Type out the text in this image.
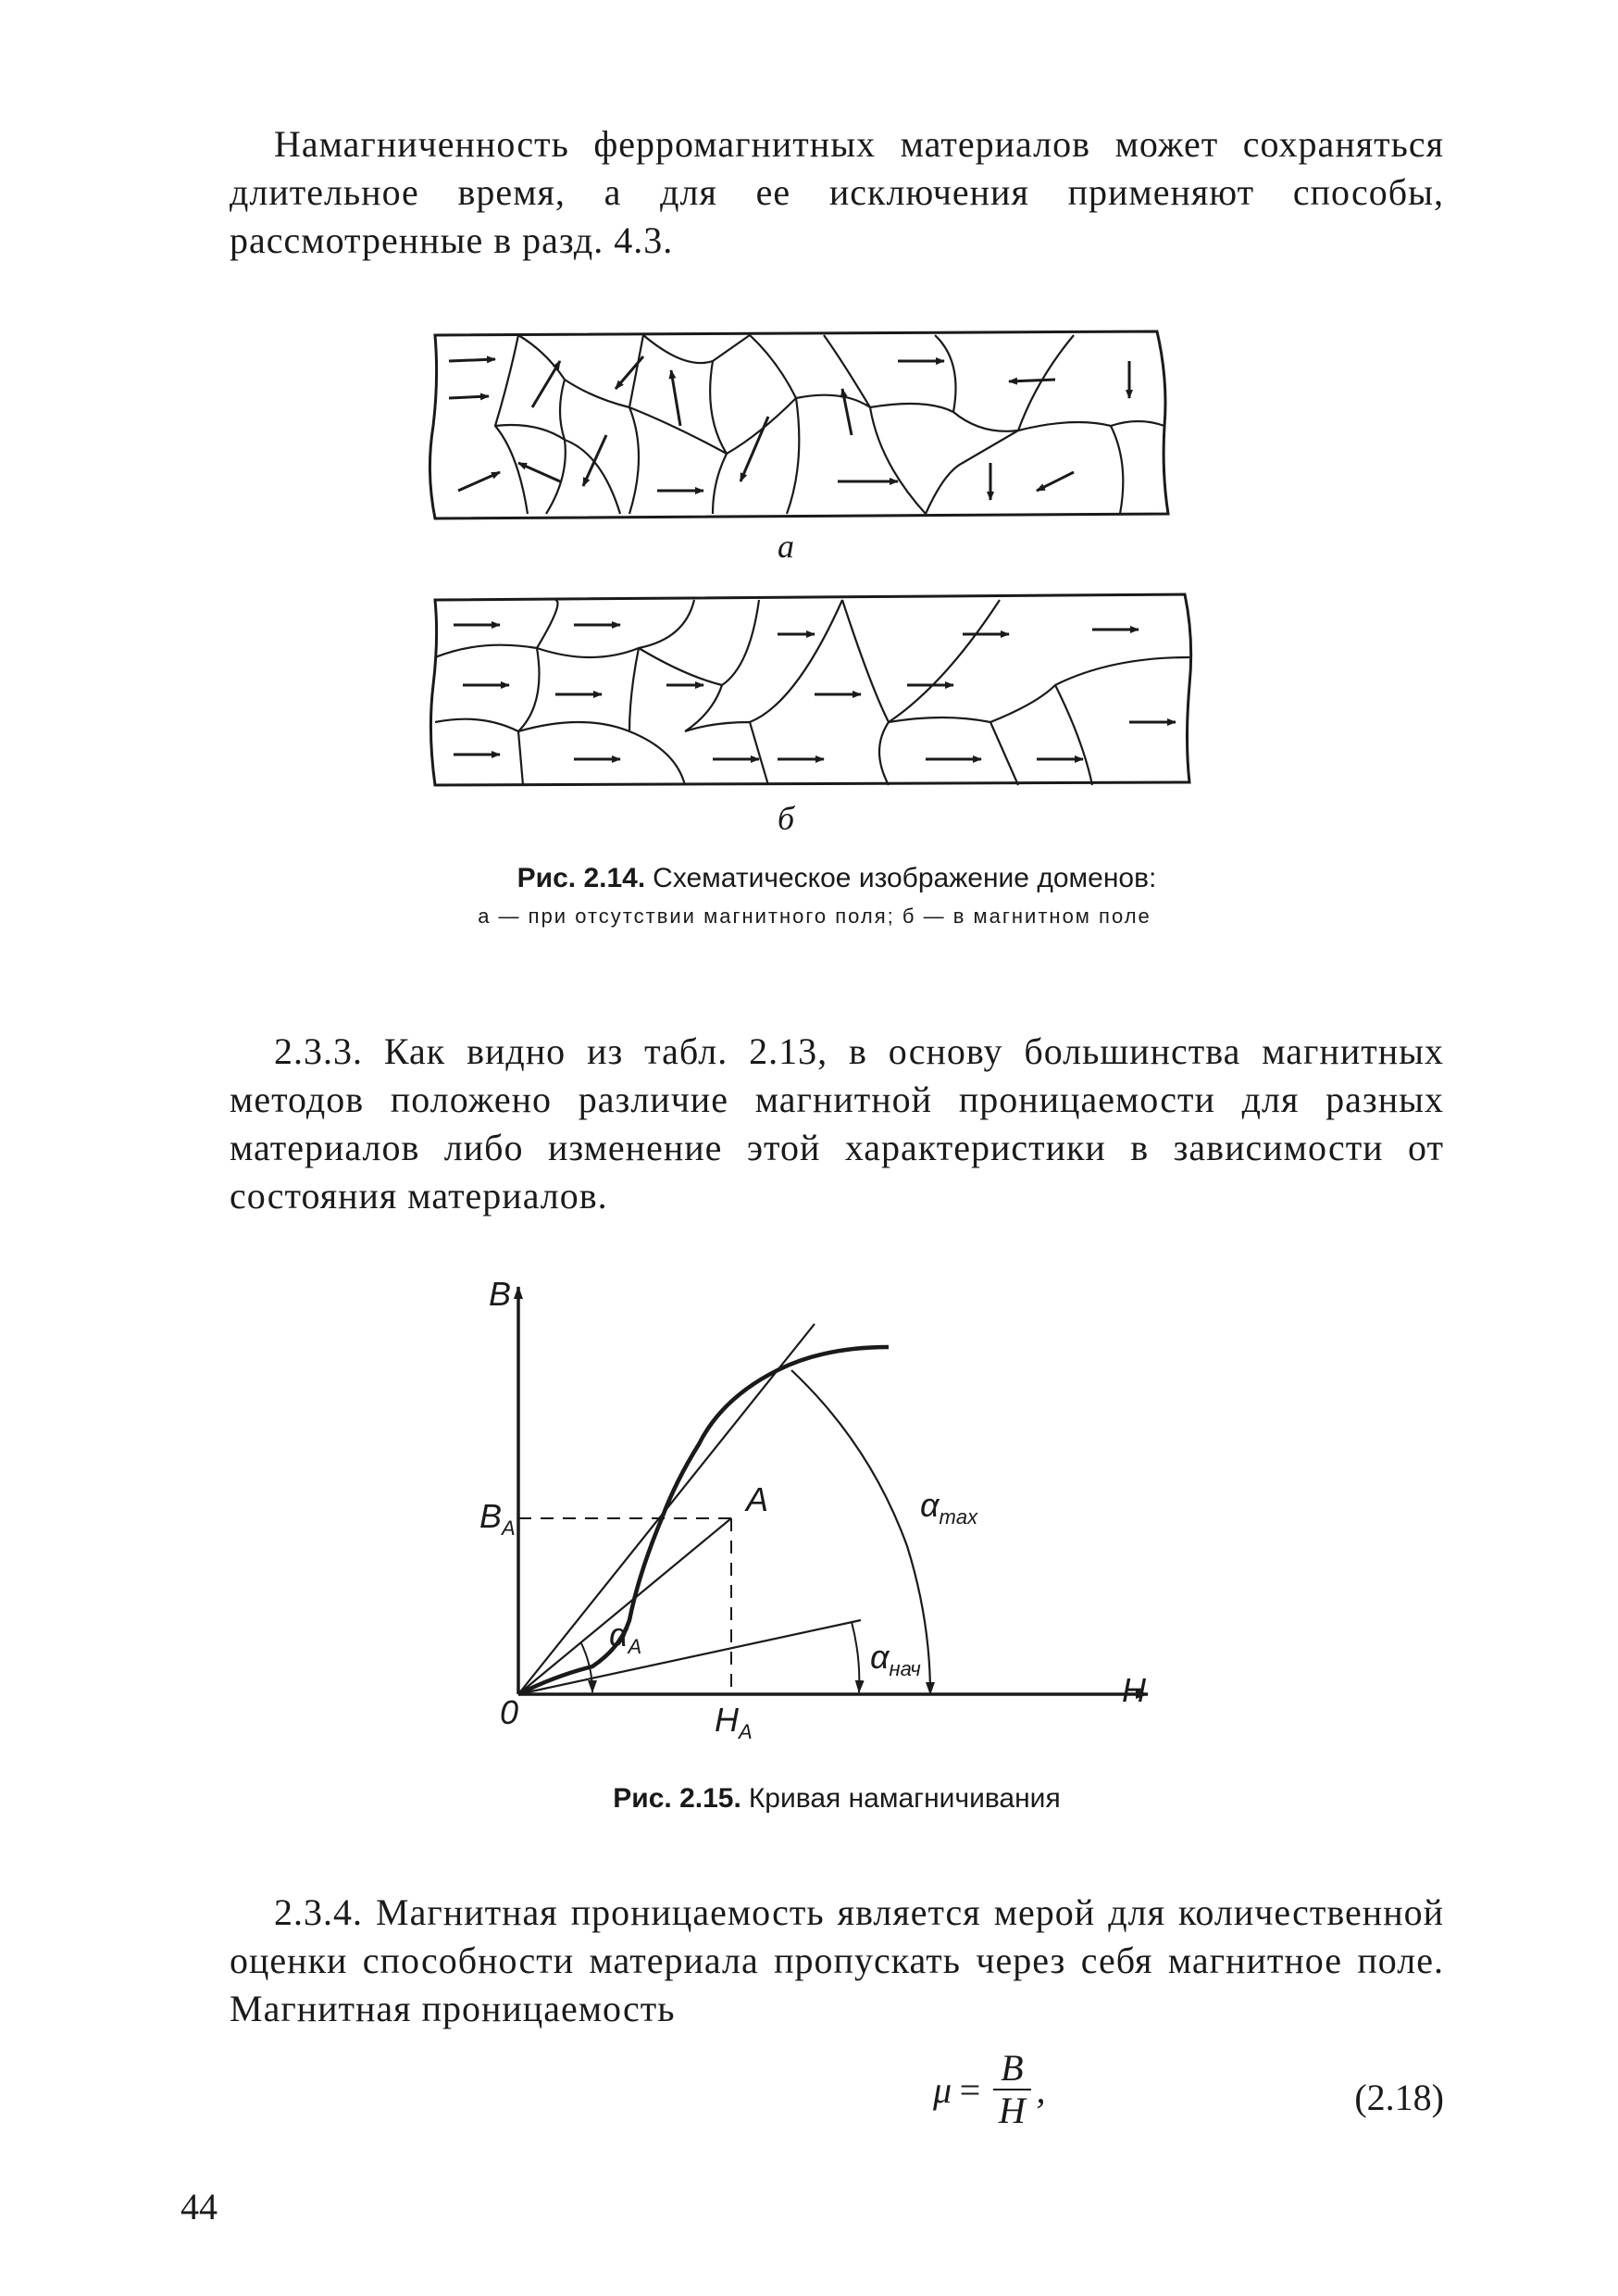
Намагниченность ферромагнитных материалов может сохраняться длительное время, а для ее исключения применяют способы, рассмотренные в разд. 4.3.

а
б
Рис. 2.14. Схематическое изображение доменов:
а — при отсутствии магнитного поля; б — в магнитном поле

2.3.3. Как видно из табл. 2.13, в основу большинства магнитных методов положено различие магнитной проницаемости для разных материалов либо изменение этой характеристики в зависимости от состояния материалов.

B
H
0
A
$B_A$
$H_A$
$\alpha_A$
$\alpha_{max}$
$\alpha_{нач}$
Рис. 2.15. Кривая намагничивания

2.3.4. Магнитная проницаемость является мерой для количественной оценки способности материала пропускать через себя магнитное поле. Магнитная проницаемость

$\mu = \frac{B}{H}$ ,	(2.18)
44
